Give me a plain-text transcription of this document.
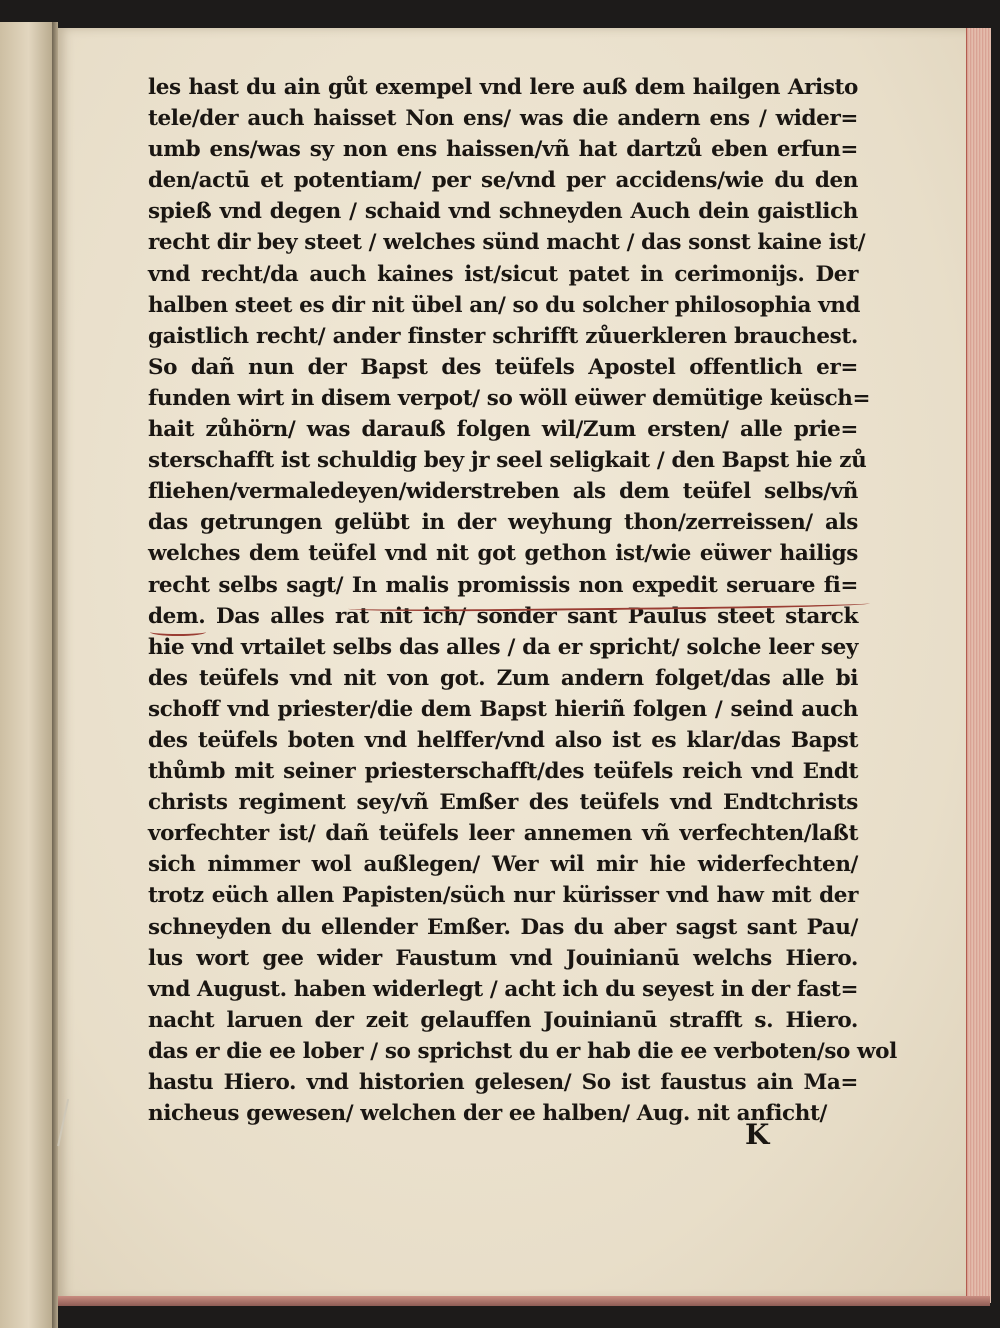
les hast du ain gůt exempel vnd lere auß dem hailgen Aristo
tele/der auch haisset Non ens/ was die andern ens / wider=
umb ens/was sy non ens haissen/vñ hat dartzů eben erfun=
den/actū et potentiam/ per se/vnd per accidens/wie du den
spieß vnd degen / schaid vnd schneyden Auch dein gaistlich
recht dir bey steet / welches sünd macht / das sonst kaine ist/
vnd recht/da auch kaines ist/sicut patet in cerimonijs. Der
halben steet es dir nit übel an/ so du solcher philosophia vnd
gaistlich recht/ ander finster schrifft zůuerkleren brauchest.
So dañ nun der Bapst des teüfels Apostel offentlich er=
funden wirt in disem verpot/ so wöll eüwer demütige keüsch=
hait zůhörn/ was darauß folgen wil/Zum ersten/ alle prie=
sterschafft ist schuldig bey jr seel seligkait / den Bapst hie zů
fliehen/vermaledeyen/widerstreben als dem teüfel selbs/vñ
das getrungen gelübt in der weyhung thon/zerreissen/ als
welches dem teüfel vnd nit got gethon ist/wie eüwer hailigs
recht selbs sagt/ In malis promissis non expedit seruare fi=
dem. Das alles rat nit ich/ sonder sant Paulus steet starck
hie vnd vrtailet selbs das alles / da er spricht/ solche leer sey
des teüfels vnd nit von got. Zum andern folget/das alle bi
schoff vnd priester/die dem Bapst hieriñ folgen / seind auch
des teüfels boten vnd helffer/vnd also ist es klar/das Bapst
thůmb mit seiner priesterschafft/des teüfels reich vnd Endt
christs regiment sey/vñ Emßer des teüfels vnd Endtchrists
vorfechter ist/ dañ teüfels leer annemen vñ verfechten/laßt
sich nimmer wol außlegen/ Wer wil mir hie widerfechten/
trotz eüch allen Papisten/süch nur kürisser vnd haw mit der
schneyden du ellender Emßer. Das du aber sagst sant Pau/
lus wort gee wider Faustum vnd Jouinianū welchs Hiero.
vnd August. haben widerlegt / acht ich du seyest in der fast=
nacht laruen der zeit gelauffen Jouinianū strafft s. Hiero.
das er die ee lober / so sprichst du er hab die ee verboten/so wol
hastu Hiero. vnd historien gelesen/ So ist faustus ain Ma=
nicheus gewesen/ welchen der ee halben/ Aug. nit anficht/
K
